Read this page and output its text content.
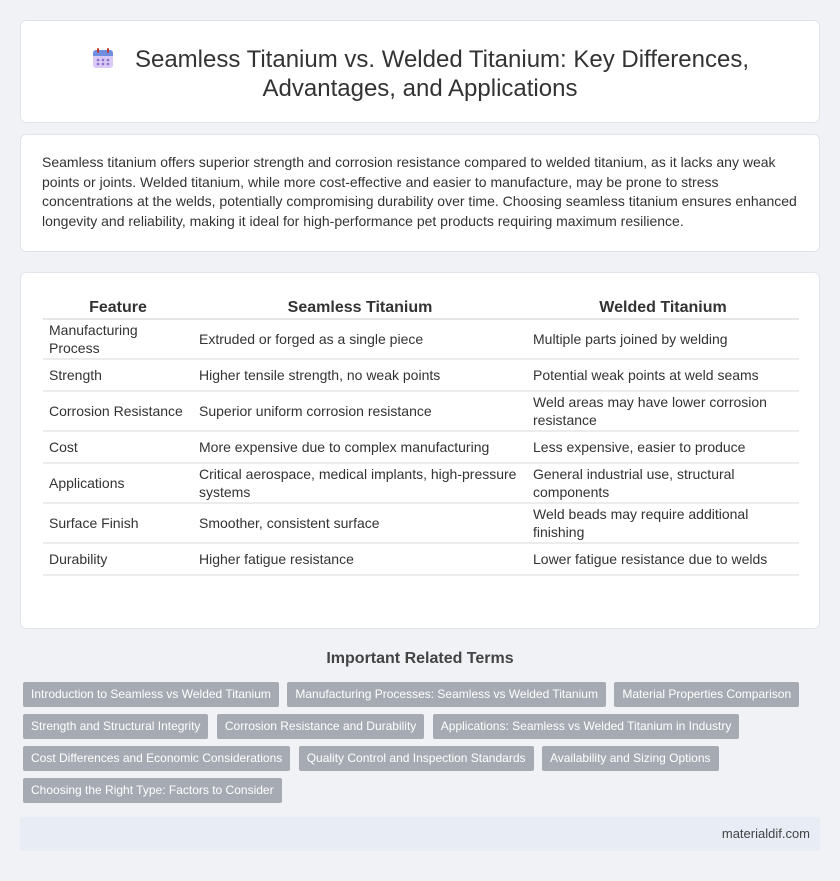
Seamless Titanium vs. Welded Titanium: Key Differences,
Advantages, and Applications

Seamless titanium offers superior strength and corrosion resistance compared to welded titanium, as it lacks any weak points or joints. Welded titanium, while more cost-effective and easier to manufacture, may be prone to stress concentrations at the welds, potentially compromising durability over time. Choosing seamless titanium ensures enhanced longevity and reliability, making it ideal for high-performance pet products requiring maximum resilience.

Feature	Seamless Titanium	Welded Titanium
Manufacturing Process	Extruded or forged as a single piece	Multiple parts joined by welding
Strength	Higher tensile strength, no weak points	Potential weak points at weld seams
Corrosion Resistance	Superior uniform corrosion resistance	Weld areas may have lower corrosion resistance
Cost	More expensive due to complex manufacturing	Less expensive, easier to produce
Applications	Critical aerospace, medical implants, high-pressure systems	General industrial use, structural components
Surface Finish	Smoother, consistent surface	Weld beads may require additional finishing
Durability	Higher fatigue resistance	Lower fatigue resistance due to welds
Important Related Terms
Introduction to Seamless vs Welded Titanium Manufacturing Processes: Seamless vs Welded Titanium Material Properties Comparison
Strength and Structural Integrity Corrosion Resistance and Durability Applications: Seamless vs Welded Titanium in Industry
Cost Differences and Economic Considerations Quality Control and Inspection Standards Availability and Sizing Options
Choosing the Right Type: Factors to Consider
materialdif.com
